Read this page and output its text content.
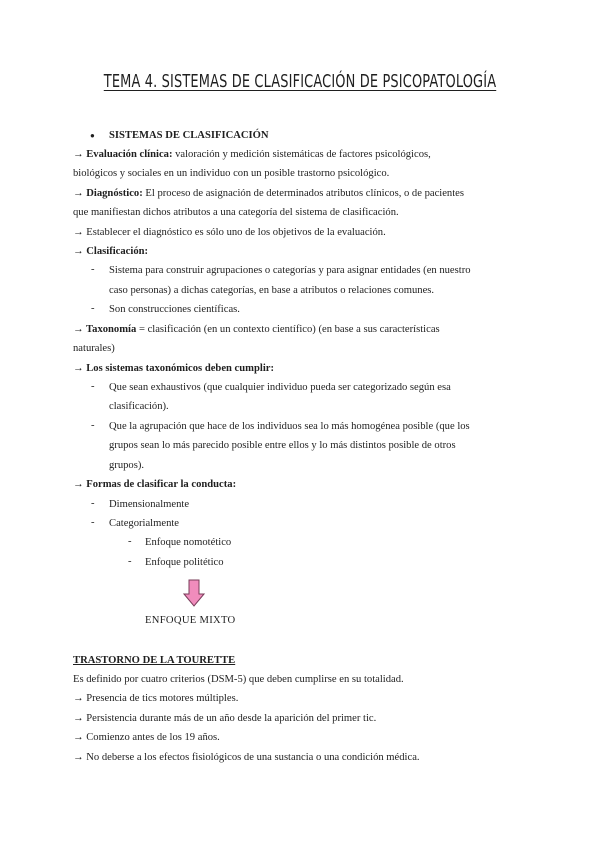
TEMA 4. SISTEMAS DE CLASIFICACIÓN DE PSICOPATOLOGÍA
● SISTEMAS DE CLASIFICACIÓN
→ Evaluación clínica: valoración y medición sistemáticas de factores psicológicos,
biológicos y sociales en un individuo con un posible trastorno psicológico.
→ Diagnóstico: El proceso de asignación de determinados atributos clínicos, o de pacientes
que manifiestan dichos atributos a una categoría del sistema de clasificación.
→ Establecer el diagnóstico es sólo uno de los objetivos de la evaluación.
→ Clasificación:
- Sistema para construir agrupaciones o categorías y para asignar entidades (en nuestro
caso personas) a dichas categorías, en base a atributos o relaciones comunes.
- Son construcciones científicas.
→ Taxonomía = clasificación (en un contexto científico) (en base a sus características
naturales)
→ Los sistemas taxonómicos deben cumplir:
- Que sean exhaustivos (que cualquier individuo pueda ser categorizado según esa
clasificación).
- Que la agrupación que hace de los individuos sea lo más homogénea posible (que los
grupos sean lo más parecido posible entre ellos y lo más distintos posible de otros
grupos).
→ Formas de clasificar la conducta:
- Dimensionalmente
- Categorialmente
- Enfoque nomotético
- Enfoque politético
ENFOQUE MIXTO
TRASTORNO DE LA TOURETTE
Es definido por cuatro criterios (DSM-5) que deben cumplirse en su totalidad.
→ Presencia de tics motores múltiples.
→ Persistencia durante más de un año desde la aparición del primer tic.
→ Comienzo antes de los 19 años.
→ No deberse a los efectos fisiológicos de una sustancia o una condición médica.
